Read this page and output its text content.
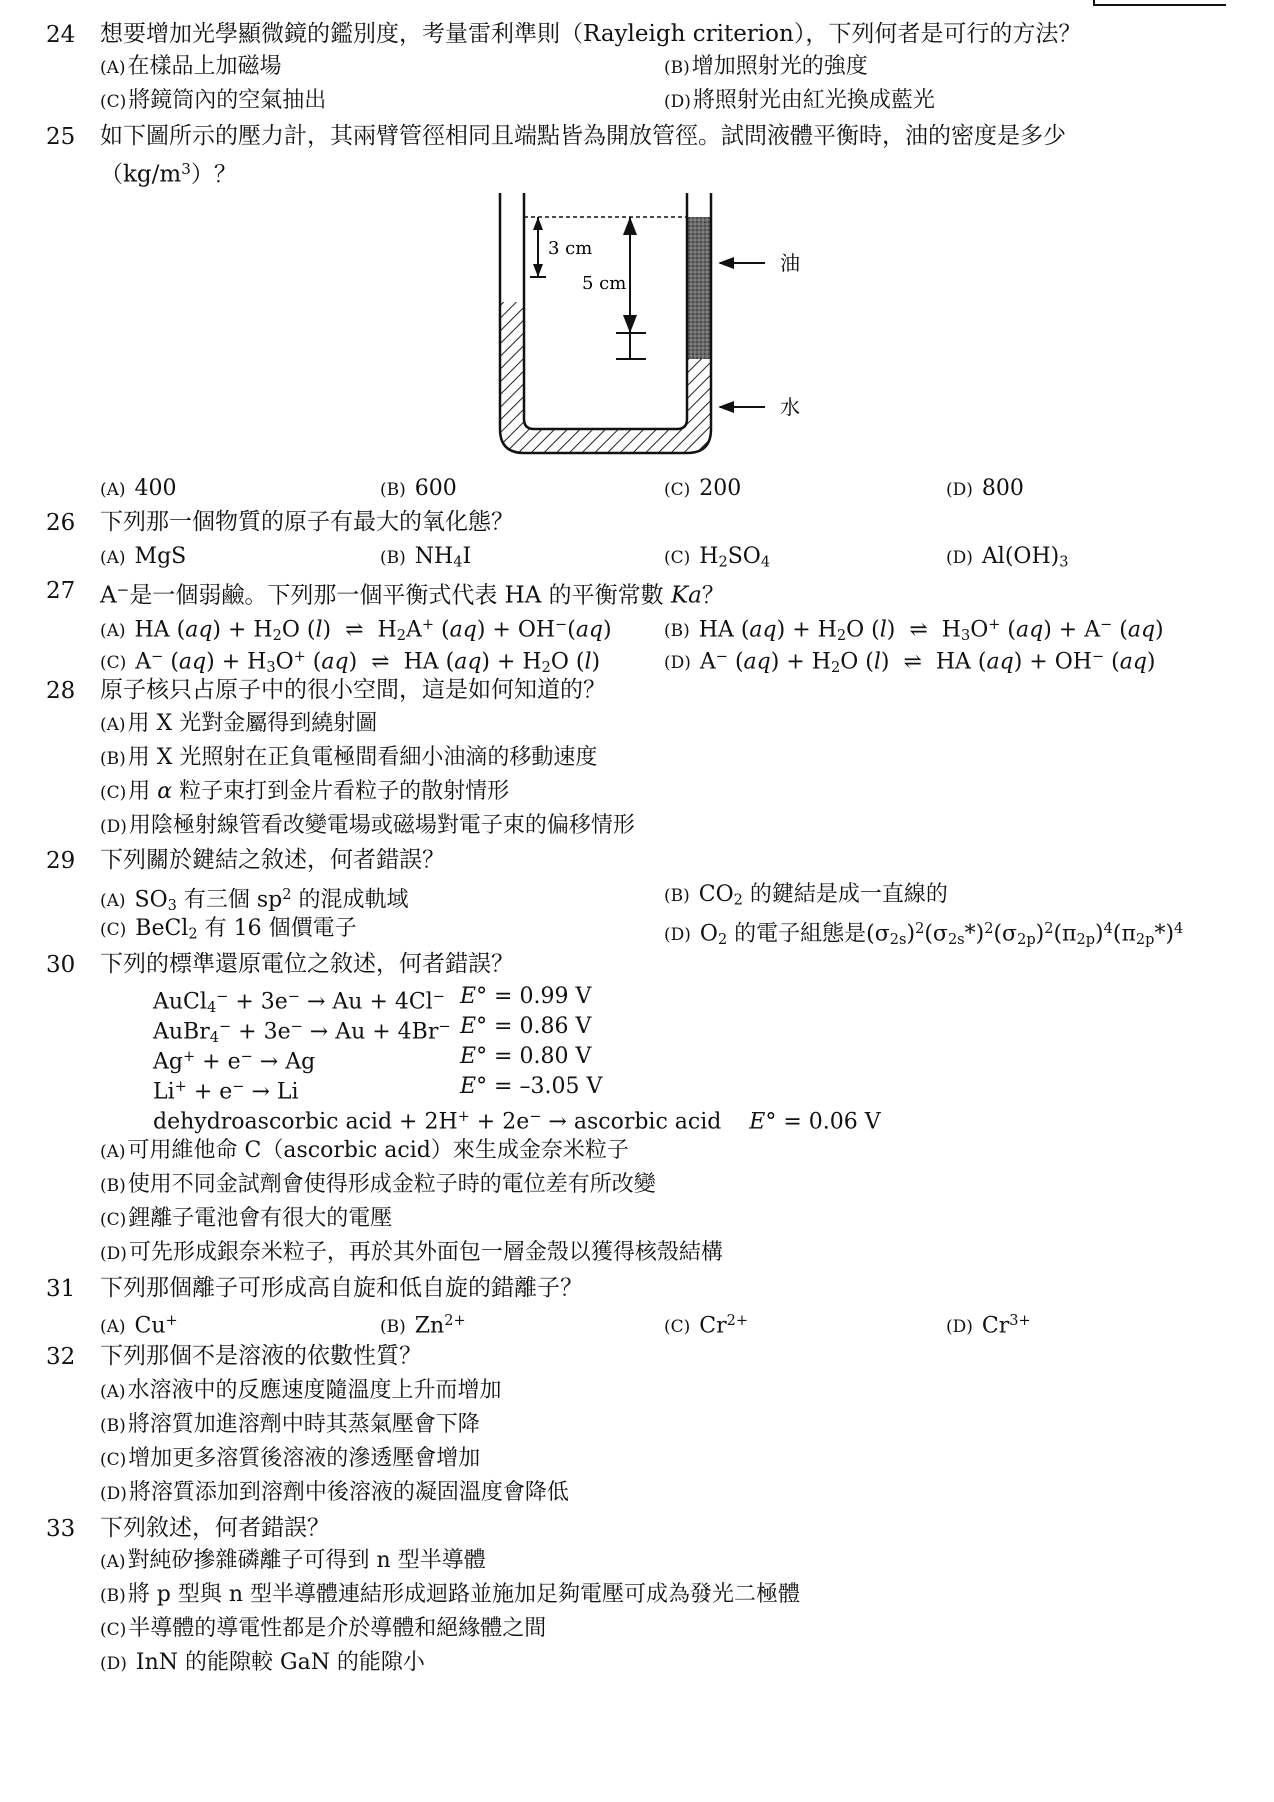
24 想要增加光學顯微鏡的鑑別度，考量雷利準則（Rayleigh criterion），下列何者是可行的方法？
(A)在樣品上加磁場	(B)增加照射光的強度
(C)將鏡筒內的空氣抽出	(D)將照射光由紅光換成藍光
25 如下圖所示的壓力計，其兩臂管徑相同且端點皆為開放管徑。試問液體平衡時，油的密度是多少
$(kg/m^3)$？
3 cm
5 cm
油
水
(A) 400	(B) 600	(C) 200	(D) 800
26 下列那一個物質的原子有最大的氧化態？
(A) MgS	(B) $NH_4I$	(C) $H_2SO_4$	(D) $Al(OH)_3$
27 A−是一個弱鹼。下列那一個平衡式代表 HA 的平衡常數 Ka？
(A) HA $(aq) + H_2O$ (l)  ⇌  $H_2A^+$ (aq) + OH−(aq)	(B) HA $(aq) + H_2O$ (l)  ⇌  $H_3O^+$ (aq) + A− (aq)
(C) A− $(aq) + H_3O^+$ (aq)  ⇌  HA $(aq) + H_2O$ (l)	(D) A− $(aq) + H_2O$ (l)  ⇌  HA (aq) + OH− (aq)
28 原子核只占原子中的很小空間，這是如何知道的？
(A)用 X 光對金屬得到繞射圖
(B)用 X 光照射在正負電極間看細小油滴的移動速度
(C)用 α 粒子束打到金片看粒子的散射情形
(D)用陰極射線管看改變電場或磁場對電子束的偏移情形
29 下列關於鍵結之敘述，何者錯誤？
(A) $SO_3$ 有三個 $sp^2$ 的混成軌域	(B) $CO_2$ 的鍵結是成一直線的
(C) BeCl$_2$ 有 16 個價電子	(D) $O_2$ 的電子組態是$(\sigma_{2s})^2(\sigma_{2s}*)^2(\sigma_{2p})^2(\pi_{2p})^4(\pi_{2p}*)^4$
30 下列的標準還原電位之敘述，何者錯誤？
AuCl$_4$− + 3e− → Au + 4Cl− E° = 0.99 V
AuBr$_4$− + 3e− → Au + 4Br− E° = 0.86 V
Ag+ + e− → Ag	E° = 0.80 V
Li+ + e− → Li	E° = –3.05 V
dehydroascorbic acid + 2H+ + 2e− → ascorbic acid    E° = 0.06 V
(A)可用維他命 C（ascorbic acid）來生成金奈米粒子
(B)使用不同金試劑會使得形成金粒子時的電位差有所改變
(C)鋰離子電池會有很大的電壓
(D)可先形成銀奈米粒子，再於其外面包一層金殼以獲得核殼結構
31 下列那個離子可形成高自旋和低自旋的錯離子？
(A) Cu+	(B) $Zn^{2+}$	(C) $Cr^{2+}$	(D) $Cr^{3+}$
32 下列那個不是溶液的依數性質？
(A)水溶液中的反應速度隨溫度上升而增加
(B)將溶質加進溶劑中時其蒸氣壓會下降
(C)增加更多溶質後溶液的滲透壓會增加
(D)將溶質添加到溶劑中後溶液的凝固溫度會降低
33 下列敘述，何者錯誤？
(A)對純矽摻雜磷離子可得到 n 型半導體
(B)將 p 型與 n 型半導體連結形成迴路並施加足夠電壓可成為發光二極體
(C)半導體的導電性都是介於導體和絕緣體之間
(D) InN 的能隙較 GaN 的能隙小
